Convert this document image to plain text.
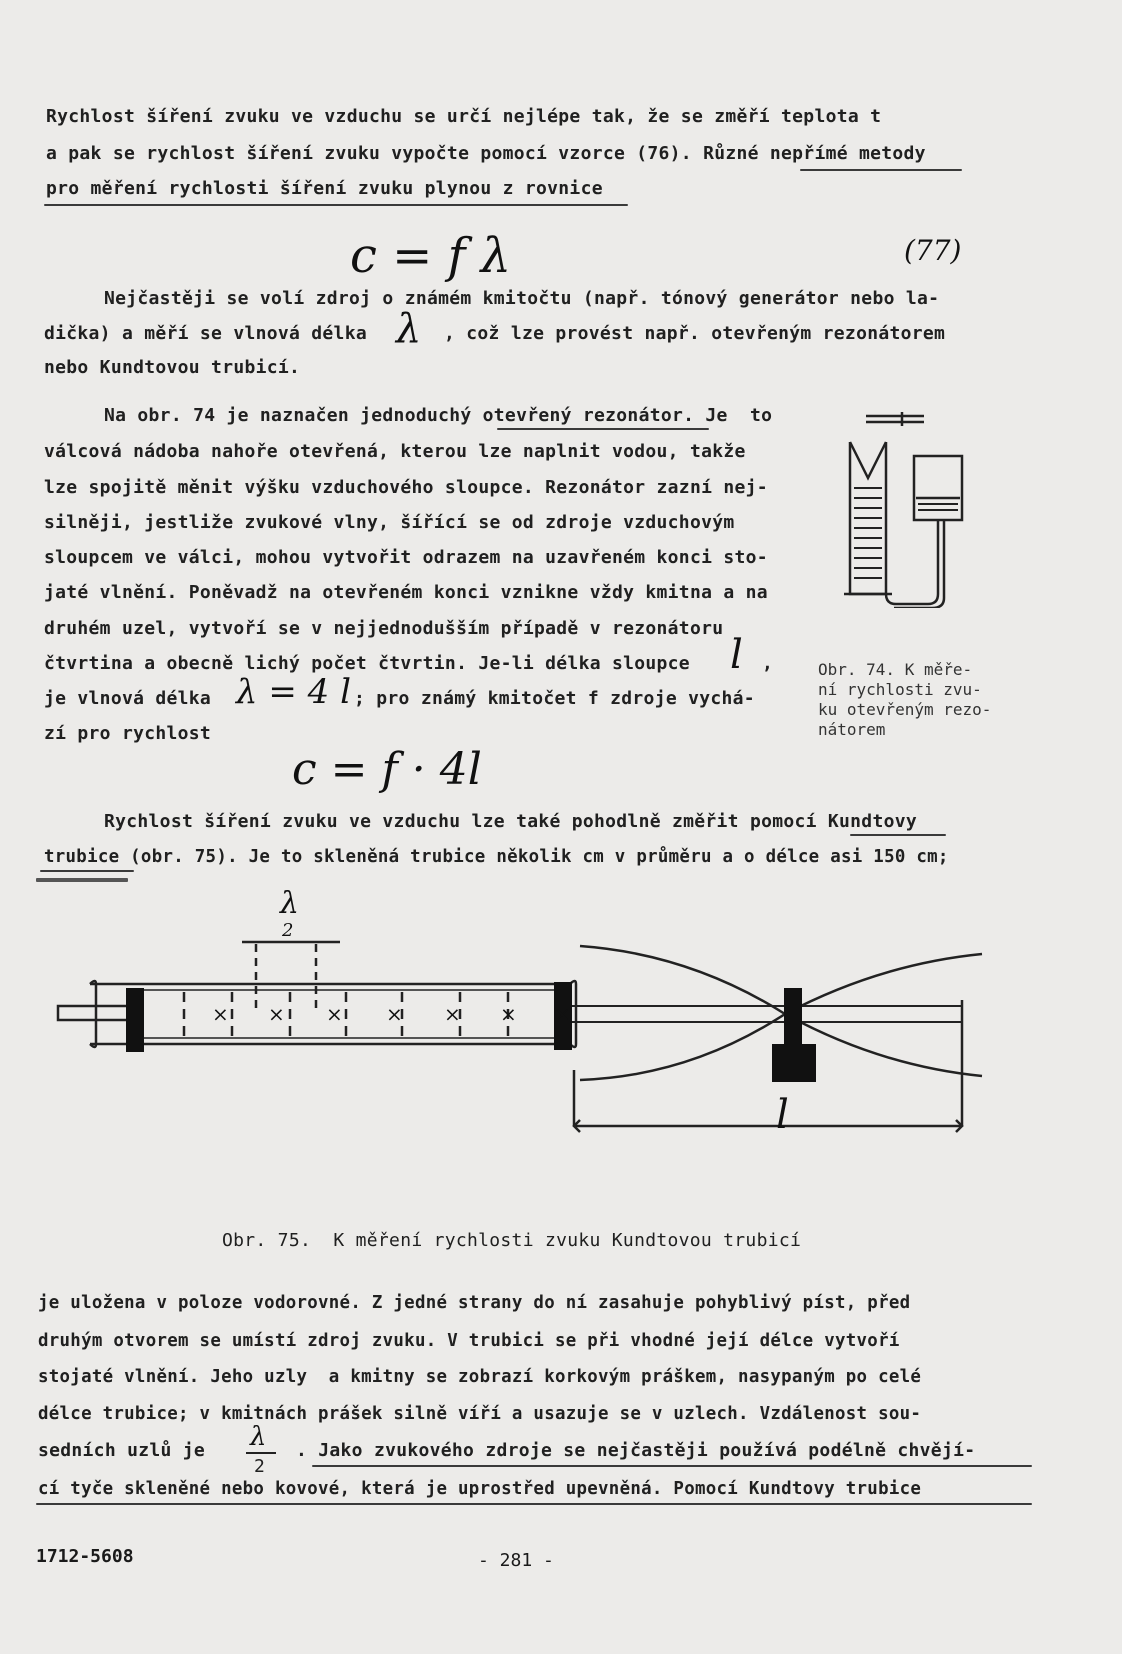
Rychlost šíření zvuku ve vzduchu se určí nejlépe tak, že se změří teplota t
a pak se rychlost šíření zvuku vypočte pomocí vzorce (76). Různé nepřímé metody
pro měření rychlosti šíření zvuku plynou z rovnice
c = f λ	(77)
Nejčastěji se volí zdroj o známém kmitočtu (např. tónový generátor nebo la-
dička) a měří se vlnová délka λ , což lze provést např. otevřeným rezonátorem
nebo Kundtovou trubicí.
Na obr. 74 je naznačen jednoduchý otevřený rezonátor. Je  to
válcová nádoba nahoře otevřená, kterou lze naplnit vodou, takže
lze spojitě měnit výšku vzduchového sloupce. Rezonátor zazní nej-
silněji, jestliže zvukové vlny, šířící se od zdroje vzduchovým
sloupcem ve válci, mohou vytvořit odrazem na uzavřeném konci sto-
jaté vlnění. Poněvadž na otevřeném konci vznikne vždy kmitna a na
druhém uzel, vytvoří se v nejjednodušším případě v rezonátoru
čtvrtina a obecně lichý počet čtvrtin. Je-li délka sloupce l ,
je vlnová délka λ = 4 l ; pro známý kmitočet f zdroje vychá-
zí pro rychlost
c = f · 4l
Obr. 74. K měře-
ní rychlosti zvu-
ku otevřeným rezo-
nátorem
Rychlost šíření zvuku ve vzduchu lze také pohodlně změřit pomocí Kundtovy
trubice (obr. 75). Je to skleněná trubice několik cm v průměru a o délce asi 150 cm;
λ
2
× × × × × × ×
l
Obr. 75.  K měření rychlosti zvuku Kundtovou trubicí
je uložena v poloze vodorovné. Z jedné strany do ní zasahuje pohyblivý píst, před
druhým otvorem se umístí zdroj zvuku. V trubici se při vhodné její délce vytvoří
stojaté vlnění. Jeho uzly  a kmitny se zobrazí korkovým práškem, nasypaným po celé
délce trubice; v kmitnách prášek silně víří a usazuje se v uzlech. Vzdálenost sou-
sedních uzlů je λ
2
. Jako zvukového zdroje se nejčastěji používá podélně chvějí-
cí tyče skleněné nebo kovové, která je uprostřed upevněná. Pomocí Kundtovy trubice
1712-5608	- 281 -
